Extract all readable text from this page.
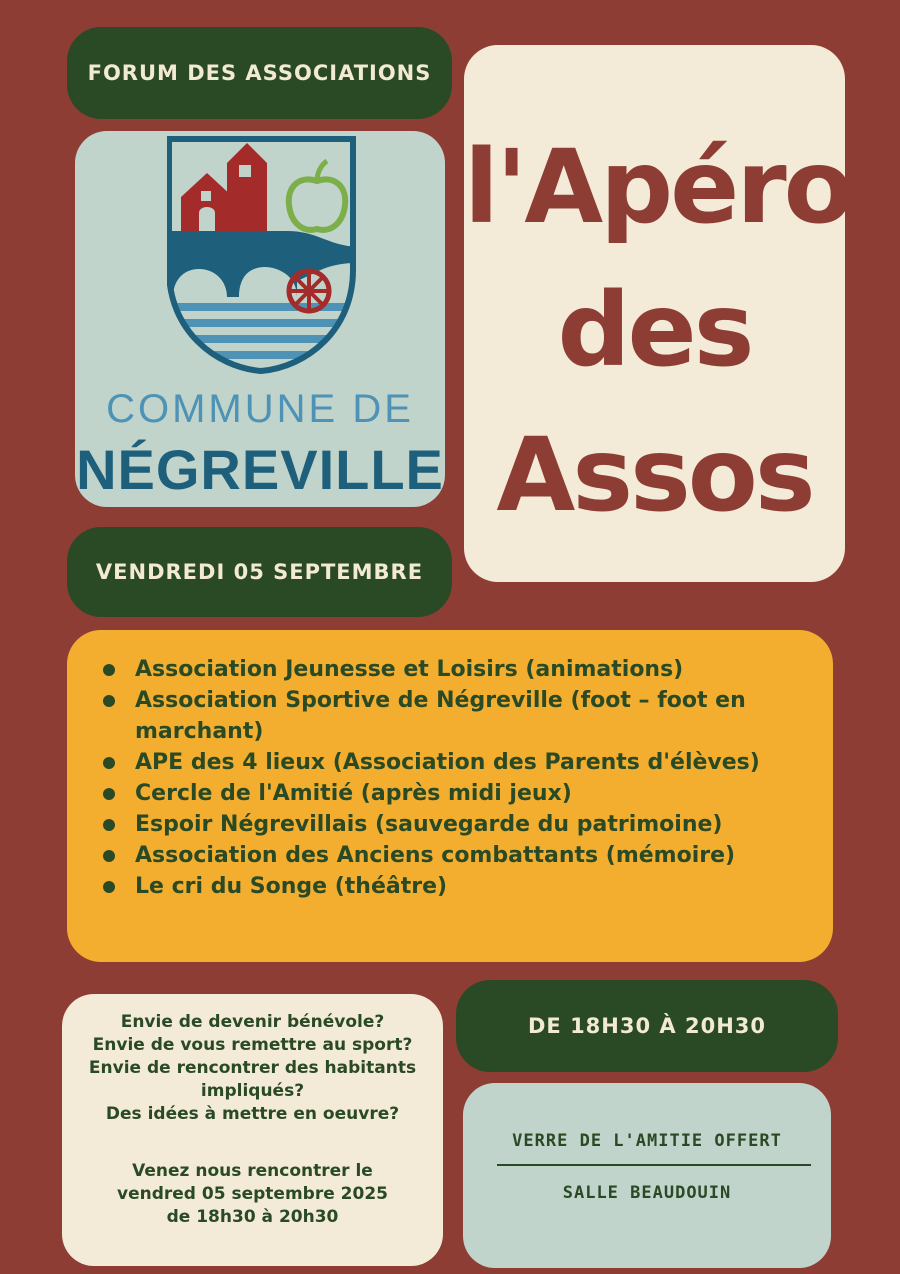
FORUM DES ASSOCIATIONS
COMMUNE DE
NÉGREVILLE
l'Apéro
des
Assos
VENDREDI 05 SEPTEMBRE
Association Jeunesse et Loisirs (animations)
Association Sportive de Négreville (foot – foot en marchant)
APE des 4 lieux (Association des Parents d'élèves)
Cercle de l'Amitié (après midi jeux)
Espoir Négrevillais (sauvegarde du patrimoine)
Association des Anciens combattants (mémoire)
Le cri du Songe (théâtre)
Envie de devenir bénévole?
Envie de vous remettre au sport?
Envie de rencontrer des habitants
impliqués?
Des idées à mettre en oeuvre?
Venez nous rencontrer le
vendred 05 septembre 2025
de 18h30 à 20h30
DE 18H30 À 20H30
VERRE DE L'AMITIE OFFERT
SALLE BEAUDOUIN
